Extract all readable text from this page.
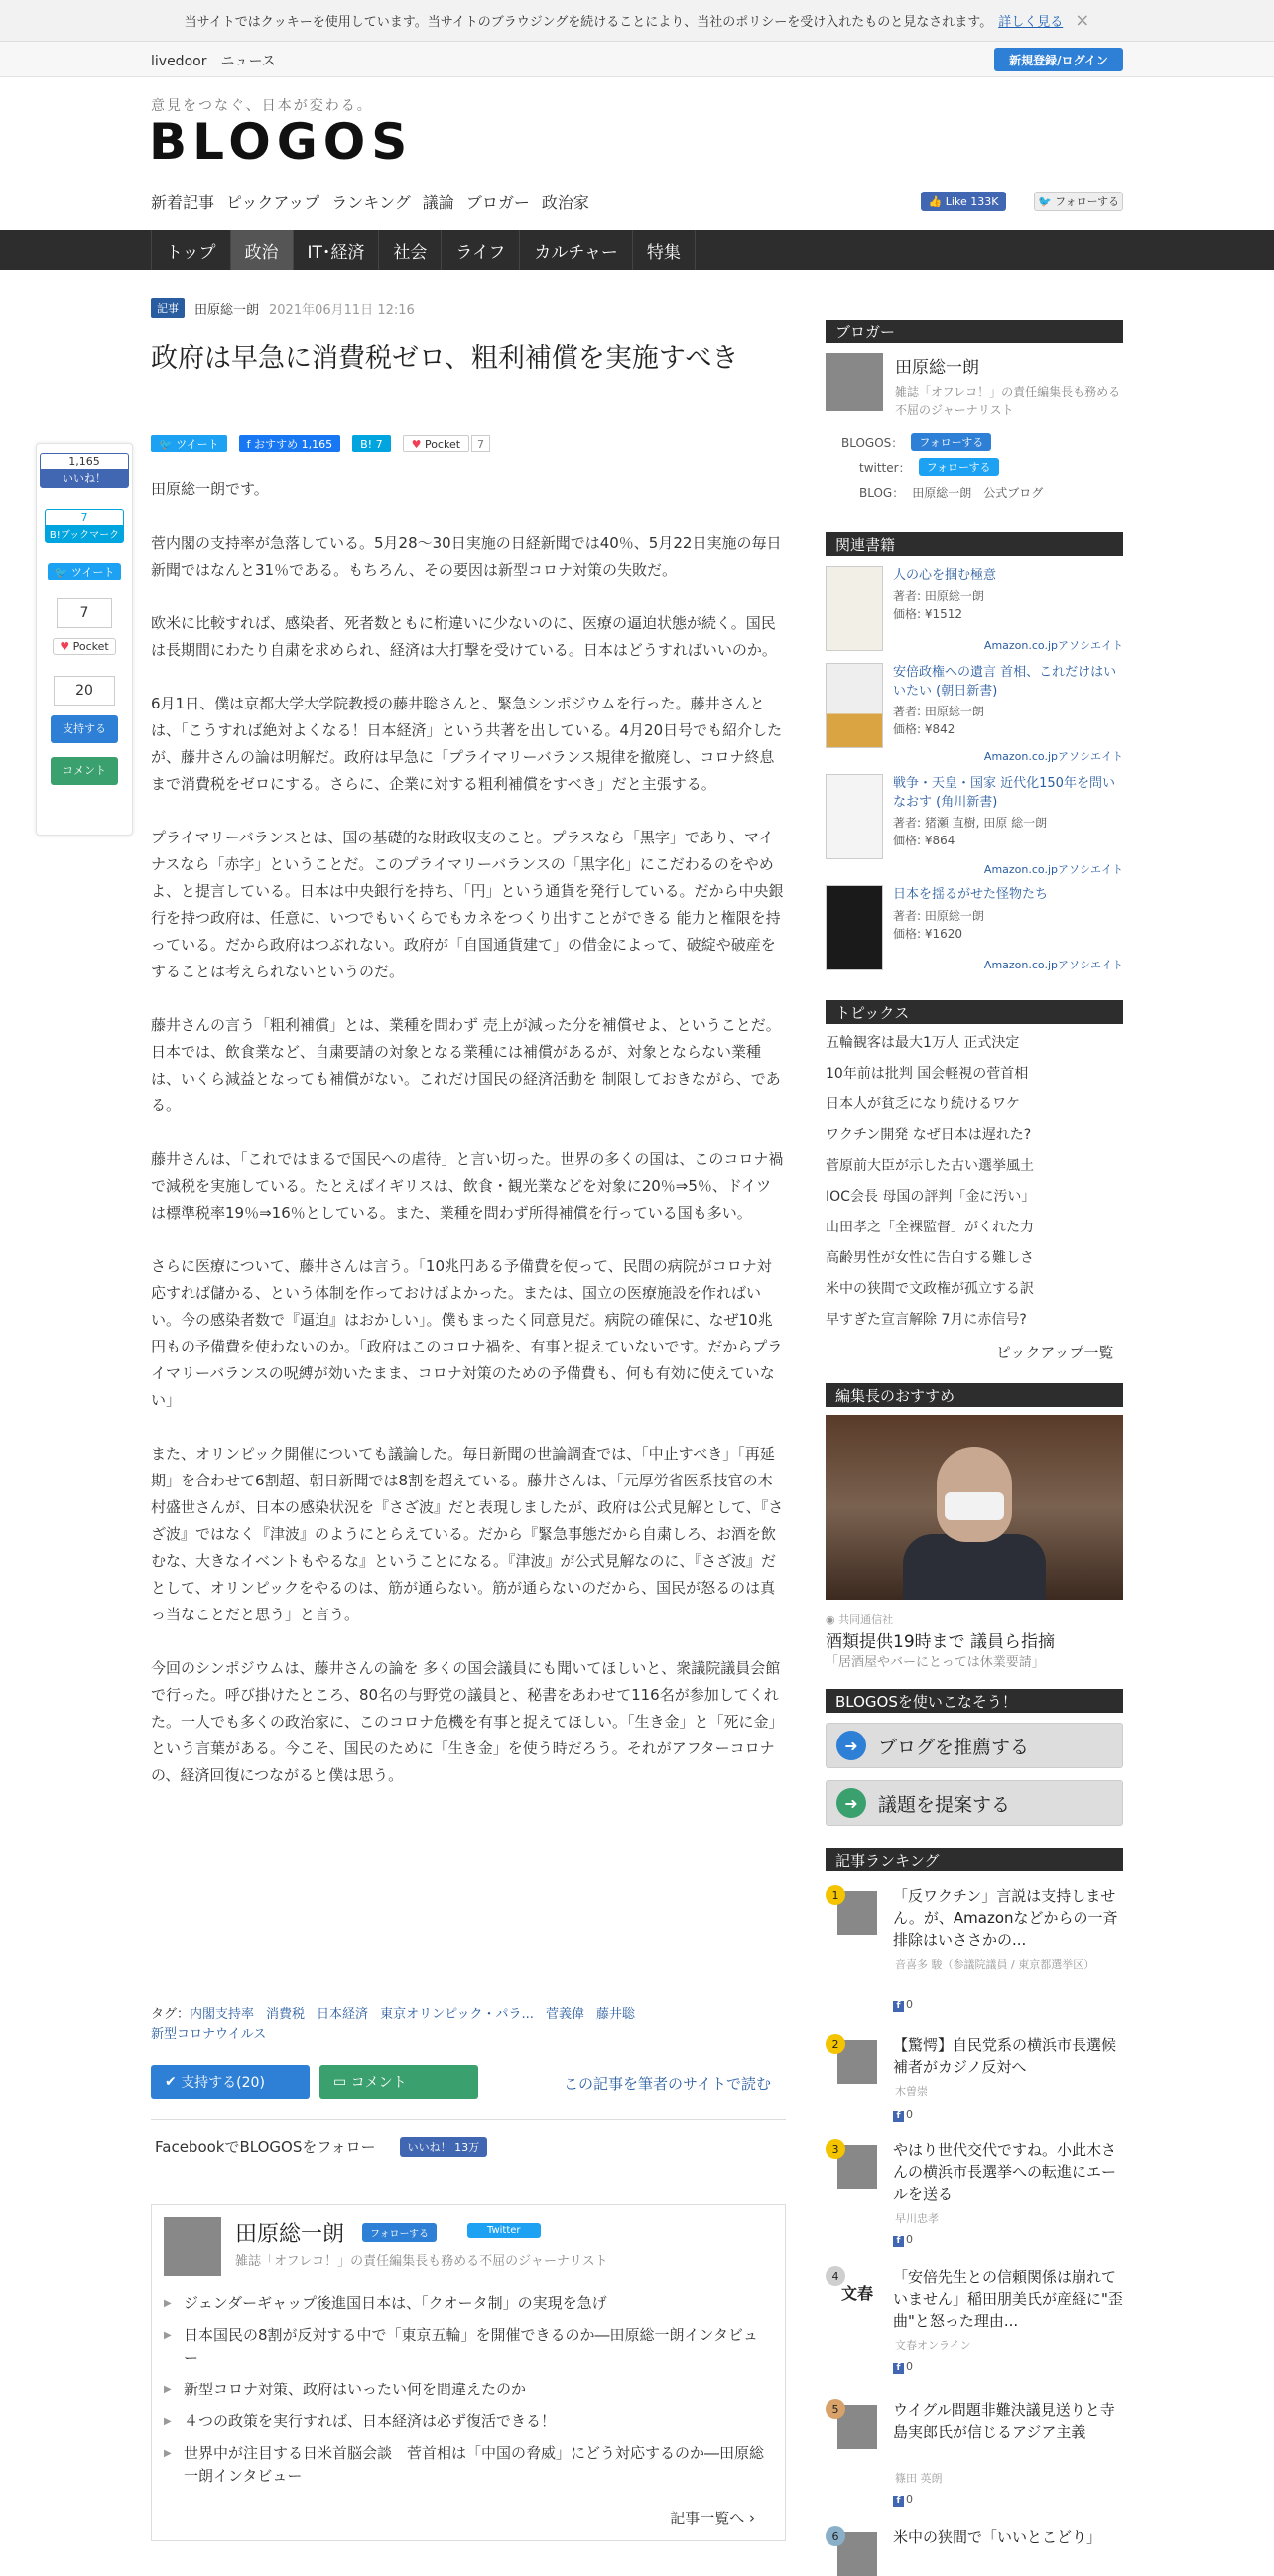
当サイトではクッキーを使用しています。当サイトのブラウジングを続けることにより、当社のポリシーを受け入れたものと見なされます。 詳しく見る ×
livedoor　ニュース	新規登録/ログイン
意見をつなぐ、日本が変わる。
BLOGOS
新着記事 ピックアップ ランキング 議論 ブロガー 政治家	👍 Like 133K	🐦 フォローする
トップ	政治	IT･経済	社会	ライフ	カルチャー	特集
記事	田原総一朗 2021年06月11日 12:16
政府は早急に消費税ゼロ、粗利補償を実施すべき
🐦 ツイート	f おすすめ 1,165	B! 7	♥ Pocket	7

田原総一朗です。

菅内閣の支持率が急落している。5月28～30日実施の日経新聞では40％、5月22日実施の毎日新聞ではなんと31％である。もちろん、その要因は新型コロナ対策の失敗だ。

欧米に比較すれば、感染者、死者数ともに桁違いに少ないのに、医療の逼迫状態が続く。国民は長期間にわたり自粛を求められ、経済は大打撃を受けている。日本はどうすればいいのか。

6月1日、僕は京都大学大学院教授の藤井聡さんと、緊急シンポジウムを行った。藤井さんとは、「こうすれば絶対よくなる！日本経済」という共著を出している。4月20日号でも紹介したが、藤井さんの論は明解だ。政府は早急に「プライマリーバランス規律を撤廃し、コロナ終息まで消費税をゼロにする。さらに、企業に対する粗利補償をすべき」だと主張する。

プライマリーバランスとは、国の基礎的な財政収支のこと。プラスなら「黒字」であり、マイナスなら「赤字」ということだ。このプライマリーバランスの「黒字化」にこだわるのをやめよ、と提言している。日本は中央銀行を持ち、「円」という通貨を発行している。だから中央銀行を持つ政府は、任意に、いつでもいくらでもカネをつくり出すことができる 能力と権限を持っている。だから政府はつぶれない。政府が「自国通貨建て」の借金によって、破綻や破産をすることは考えられないというのだ。

藤井さんの言う「粗利補償」とは、業種を問わず 売上が減った分を補償せよ、ということだ。日本では、飲食業など、自粛要請の対象となる業種には補償があるが、対象とならない業種は、いくら減益となっても補償がない。これだけ国民の経済活動を 制限しておきながら、である。

藤井さんは、「これではまるで国民への虐待」と言い切った。世界の多くの国は、このコロナ禍で減税を実施している。たとえばイギリスは、飲食・観光業などを対象に20％⇒5％、ドイツは標準税率19％⇒16％としている。また、業種を問わず所得補償を行っている国も多い。

さらに医療について、藤井さんは言う。「10兆円ある予備費を使って、民間の病院がコロナ対応すれば儲かる、という体制を作っておけばよかった。または、国立の医療施設を作ればいい。今の感染者数で『逼迫』はおかしい」。僕もまったく同意見だ。病院の確保に、なぜ10兆円もの予備費を使わないのか。「政府はこのコロナ禍を、有事と捉えていないです。だからプライマリーバランスの呪縛が効いたまま、コロナ対策のための予備費も、何も有効に使えていない」

また、オリンピック開催についても議論した。毎日新聞の世論調査では、「中止すべき」「再延期」を合わせて6割超、朝日新聞では8割を超えている。藤井さんは、「元厚労省医系技官の木村盛世さんが、日本の感染状況を『さざ波』だと表現しましたが、政府は公式見解として、『さざ波』ではなく『津波』のようにとらえている。だから『緊急事態だから自粛しろ、お酒を飲むな、大きなイベントもやるな』ということになる。『津波』が公式見解なのに、『さざ波』だとして、オリンピックをやるのは、筋が通らない。筋が通らないのだから、国民が怒るのは真っ当なことだと思う」と言う。

今回のシンポジウムは、藤井さんの論を 多くの国会議員にも聞いてほしいと、衆議院議員会館で行った。呼び掛けたところ、80名の与野党の議員と、秘書をあわせて116名が参加してくれた。一人でも多くの政治家に、このコロナ危機を有事と捉えてほしい。「生き金」と「死に金」という言葉がある。今こそ、国民のために「生き金」を使う時だろう。それがアフターコロナの、経済回復につながると僕は思う。

1,165
いいね！
7
B!ブックマーク
🐦 ツイート
7
♥ Pocket
20
支持する
コメント
タグ：内閣支持率 消費税 日本経済 東京オリンピック・パラ... 菅義偉 藤井聡
新型コロナウイルス
✔ 支持する(20)	▭ コメント	この記事を筆者のサイトで読む
FacebookでBLOGOSをフォロー	いいね！ 13万
田原総一朗	フォローする	Twitter
雑誌「オフレコ！」の責任編集長も務める不屈のジャーナリスト
▶ ジェンダーギャップ後進国日本は、「クオータ制」の実現を急げ
▶ 日本国民の8割が反対する中で「東京五輪」を開催できるのか―田原総一朗インタビュー
▶ 新型コロナ対策、政府はいったい何を間違えたのか
▶ ４つの政策を実行すれば、日本経済は必ず復活できる！
▶ 世界中が注目する日米首脳会談　菅首相は「中国の脅威」にどう対応するのか―田原総一朗インタビュー
記事一覧へ ›
ブロガー
田原総一朗
雑誌「オフレコ！」の責任編集長も務める不屈のジャーナリスト
BLOGOS：	フォローする
twitter：	フォローする
BLOG： 田原総一朗　公式ブログ
関連書籍
人の心を掴む極意
著者: 田原総一朗
価格: ¥1512
Amazon.co.jpアソシエイト
安倍政権への遺言 首相、これだけはいいたい (朝日新書)
著者: 田原総一朗
価格: ¥842
Amazon.co.jpアソシエイト
戦争・天皇・国家 近代化150年を問いなおす (角川新書)
著者: 猪瀬 直樹, 田原 総一朗
価格: ¥864
Amazon.co.jpアソシエイト
日本を揺るがせた怪物たち
著者: 田原総一朗
価格: ¥1620
Amazon.co.jpアソシエイト
トピックス
五輪観客は最大1万人 正式決定
10年前は批判 国会軽視の菅首相
日本人が貧乏になり続けるワケ
ワクチン開発 なぜ日本は遅れた?
菅原前大臣が示した古い選挙風土
IOC会長 母国の評判「金に汚い」
山田孝之「全裸監督」がくれた力
高齢男性が女性に告白する難しさ
米中の狭間で文政権が孤立する訳
早すぎた宣言解除 7月に赤信号?
ピックアップ一覧
編集長のおすすめ
◉ 共同通信社
酒類提供19時まで 議員ら指摘
「居酒屋やバーにとっては休業要請」
BLOGOSを使いこなそう！
➜	ブログを推薦する
➜	議題を提案する
記事ランキング
1	「反ワクチン」言説は支持しません。が、Amazonなどからの一斉排除はいささかの...
音喜多 駿（参議院議員 / 東京都選挙区）
f 0
2	【驚愕】自民党系の横浜市長選候補者がカジノ反対へ
木曽崇
f 0
3	やはり世代交代ですね。小此木さんの横浜市長選挙への転進にエールを送る
早川忠孝
f 0
文春
4	「安倍先生との信頼関係は崩れていません」稲田朋美氏が産経に"歪曲"と怒った理由...
文春オンライン
f 0
5	ウイグル問題非難決議見送りと寺島実郎氏が信じるアジア主義
篠田 英朗
f 0
6	米中の狭間で「いいとこどり」
